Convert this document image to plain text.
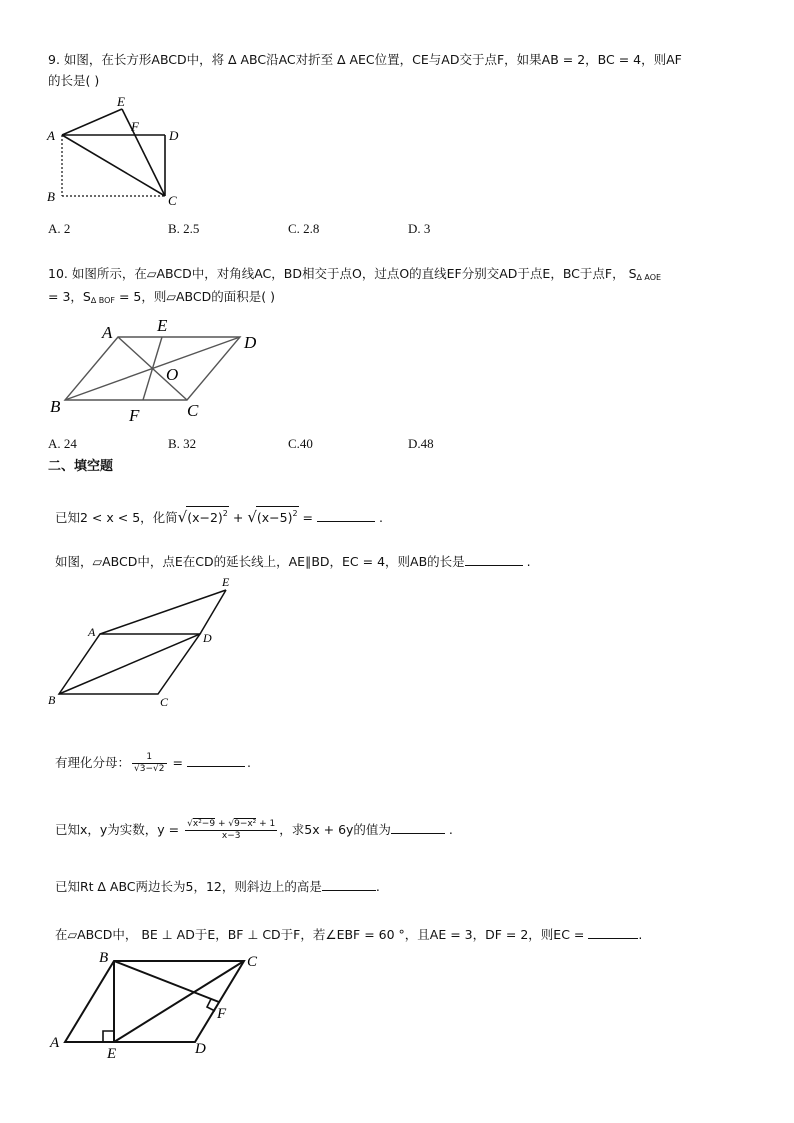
9. 如图，在长方形ABCD中，将 ∆ ABC沿AC对折至 ∆ AEC位置，CE与AD交于点F，如果AB = 2，BC = 4，则AF
的长是( )
A
B	C
D
E
F
A. 2	B. 2.5	C. 2.8	D. 3
10. 如图所示，在▱ABCD中，对角线AC，BD相交于点O，过点O的直线EF分别交AD于点E，BC于点F， $S_{\Delta AOE}$
= 3，$S_{\Delta BOF} = 5$，则▱ABCD的面积是( )
A	E
D
O
B	F	C
A. 24	B. 32	C.40	D.48
二、填空题
已知2 < x < 5，化简$√(x-2)^2 + √(x-5)^2$ =	.
如图，▱ABCD中，点E在CD的延长线上，AE∥BD，EC = 4，则AB的长是	.
A	D
E
B	C
有理化分母： $\frac{1}{√3-√2}$ =	.
已知x，y为实数，$y = \frac{\text{√x²−9 + √9−x² + 1}}{x-3}$ ，求5x + 6y的值为	.
已知Rt ∆ ABC两边长为5，12，则斜边上的高是	.
在▱ABCD中， BE ⊥ AD于E，BF ⊥ CD于F，若∠EBF = 60 °，且AE = 3，DF = 2，则EC =	.
B	C
F
A
E	D
